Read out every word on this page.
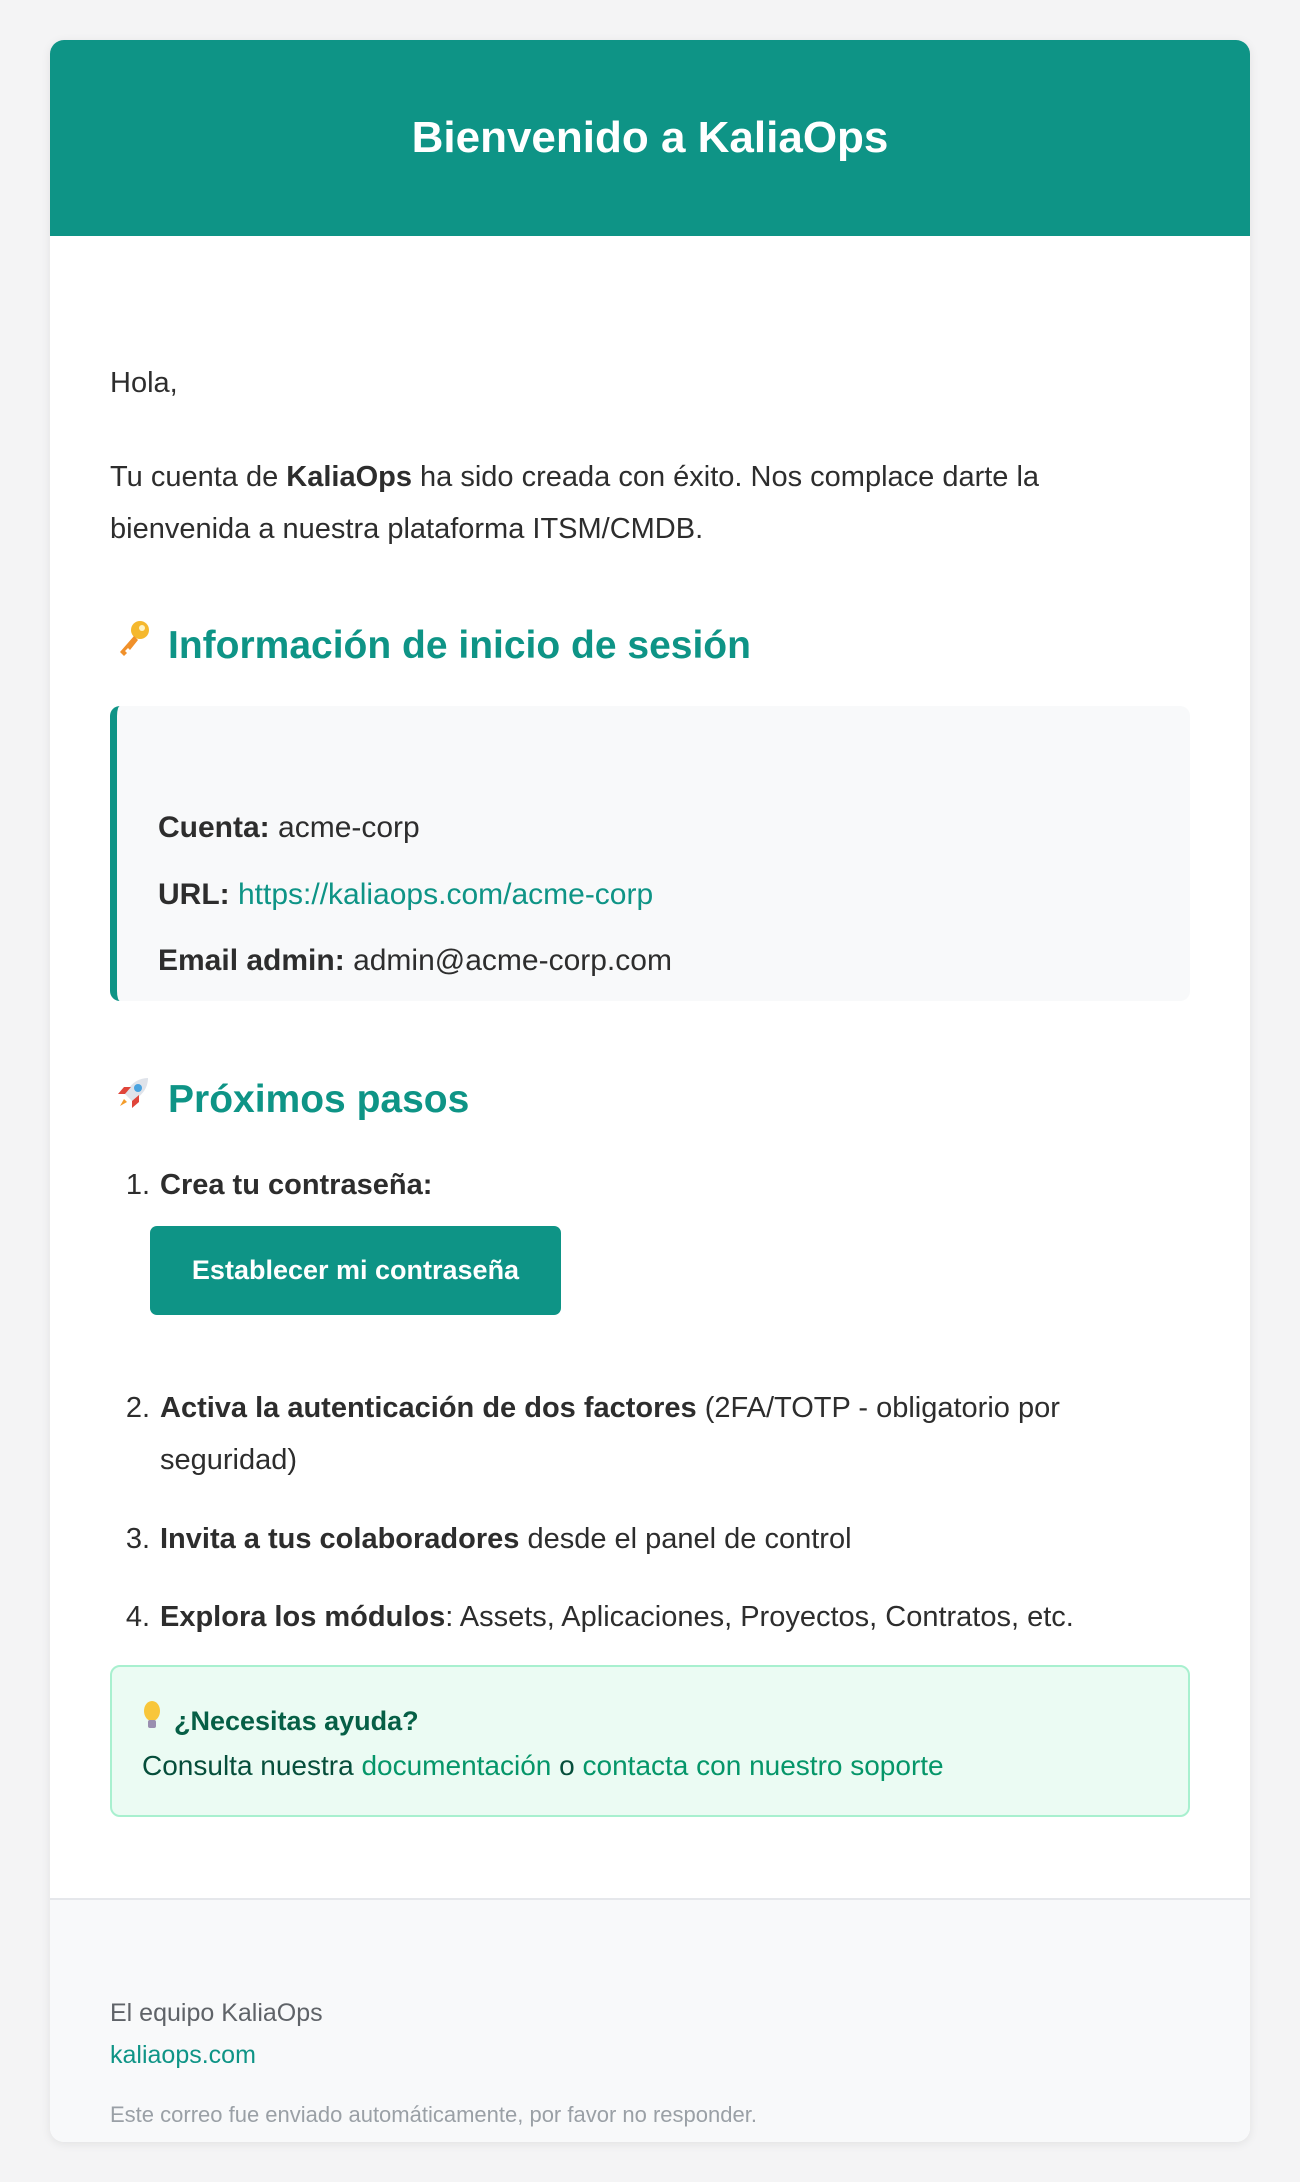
Bienvenido a KaliaOps

Hola,

Tu cuenta de KaliaOps ha sido creada con éxito. Nos complace darte la
bienvenida a nuestra plataforma ITSM/CMDB.

Información de inicio de sesión
Cuenta: acme-corp
URL: https://kaliaops.com/acme-corp
Email admin: admin@acme-corp.com
Próximos pasos
1. Crea tu contraseña:
Establecer mi contraseña
2. Activa la autenticación de dos factores (2FA/TOTP - obligatorio por
seguridad)
3. Invita a tus colaboradores desde el panel de control
4. Explora los módulos: Assets, Aplicaciones, Proyectos, Contratos, etc.
¿Necesitas ayuda?
Consulta nuestra documentación o contacta con nuestro soporte
El equipo KaliaOps
kaliaops.com
Este correo fue enviado automáticamente, por favor no responder.
